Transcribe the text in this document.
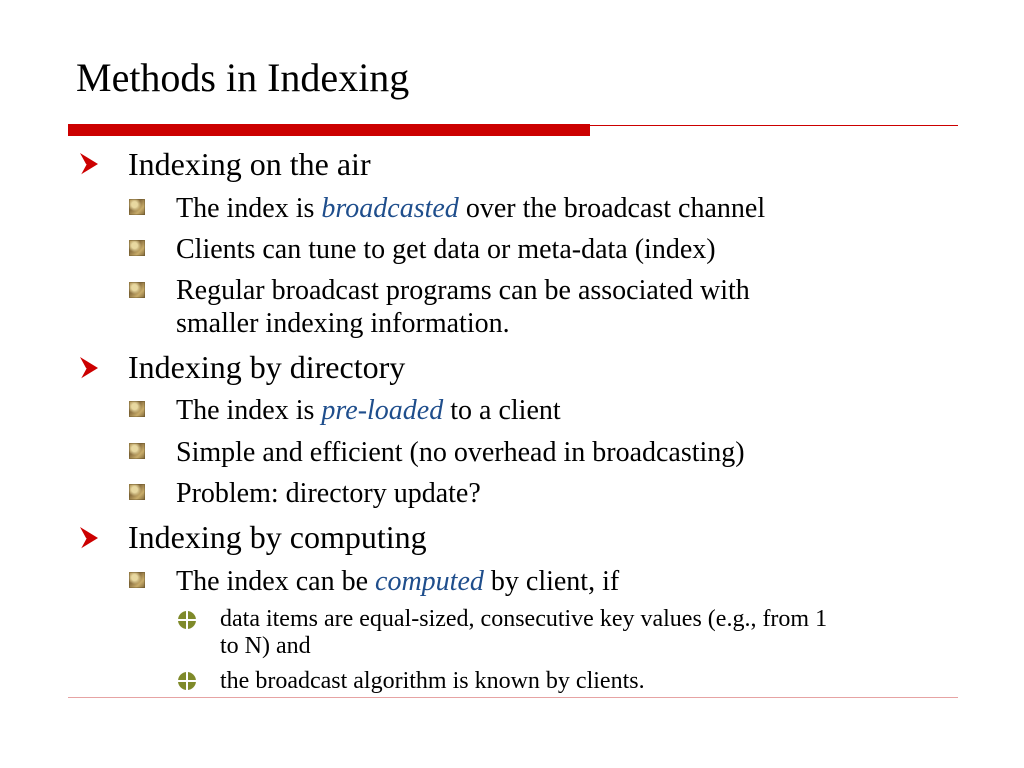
Methods in Indexing
Indexing on the air
The index is broadcasted over the broadcast channel
Clients can tune to get data or meta-data (index)
Regular broadcast programs can be associated with
smaller indexing information.
Indexing by directory
The index is pre-loaded to a client
Simple and efficient (no overhead in broadcasting)
Problem: directory update?
Indexing by computing
The index can be computed by client, if
data items are equal-sized, consecutive key values (e.g., from 1
to N) and
the broadcast algorithm is known by clients.
